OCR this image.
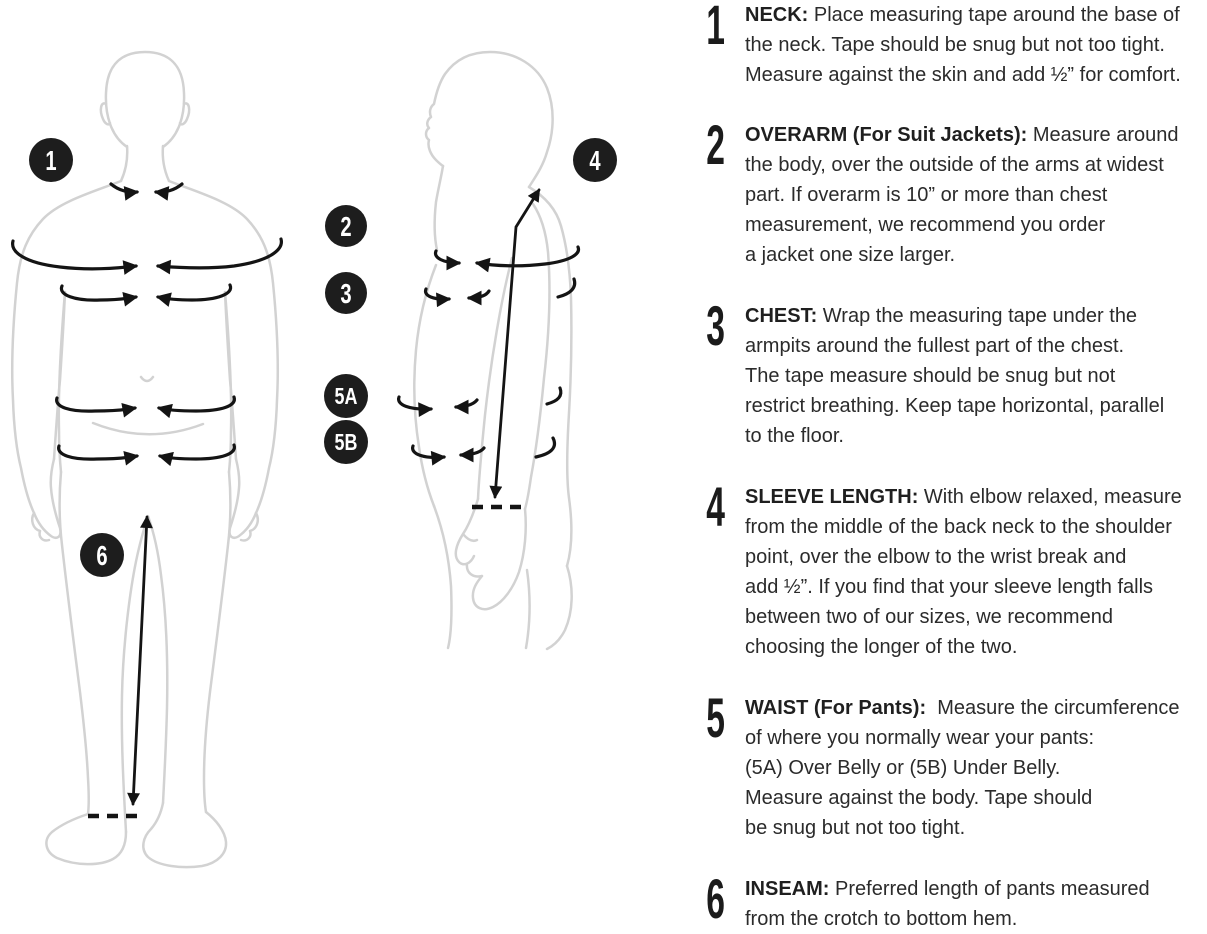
1
2
3
4
5A
5B
6
1 NECK: Place measuring tape around the base of
the neck. Tape should be snug but not too tight.
Measure against the skin and add ½” for comfort.
2 OVERARM (For Suit Jackets): Measure around
the body, over the outside of the arms at widest
part. If overarm is 10” or more than chest
measurement, we recommend you order
a jacket one size larger.
3 CHEST: Wrap the measuring tape under the
armpits around the fullest part of the chest.
The tape measure should be snug but not
restrict breathing. Keep tape horizontal, parallel
to the floor.
4 SLEEVE LENGTH: With elbow relaxed, measure
from the middle of the back neck to the shoulder
point, over the elbow to the wrist break and
add ½”. If you find that your sleeve length falls
between two of our sizes, we recommend
choosing the longer of the two.
5 WAIST (For Pants):  Measure the circumference
of where you normally wear your pants:
(5A) Over Belly or (5B) Under Belly.
Measure against the body. Tape should
be snug but not too tight.
6 INSEAM: Preferred length of pants measured
from the crotch to bottom hem.
